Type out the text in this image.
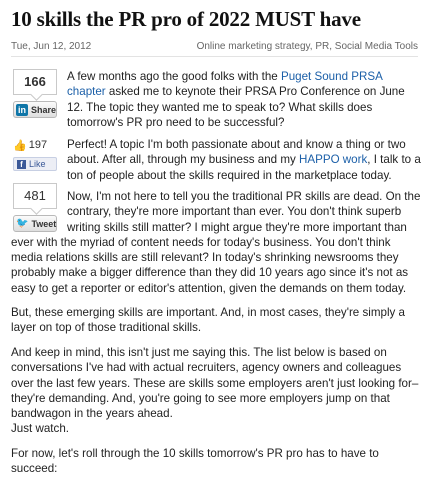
10 skills the PR pro of 2022 MUST have
Tue, Jun 12, 2012	Online marketing strategy, PR, Social Media Tools
166
in Share
👍 197
f Like
481
🐦 Tweet
A few months ago the good folks with the Puget Sound PRSA chapter asked me to keynote their PRSA Pro Conference on June 12. The topic they wanted me to speak to? What skills does tomorrow's PR pro need to be successful?
Perfect! A topic I'm both passionate about and know a thing or two about. After all, through my business and my HAPPO work, I talk to a ton of people about the skills required in the marketplace today.
Now, I'm not here to tell you the traditional PR skills are dead. On the contrary, they're more important than ever. You don't think superb writing skills still matter? I might argue they're more important than ever with the myriad of content needs for today's business. You don't think media relations skills are still relevant? In today's shrinking newsrooms they probably make a bigger difference than they did 10 years ago since it's not as easy to get a reporter or editor's attention, given the demands on them today.
But, these emerging skills are important. And, in most cases, they're simply a layer on top of those traditional skills.
And keep in mind, this isn't just me saying this. The list below is based on conversations I've had with actual recruiters, agency owners and colleagues over the last few years. These are skills some employers aren't just looking for–they're demanding. And, you're going to see more employers jump on that bandwagon in the years ahead.
Just watch.
For now, let's roll through the 10 skills tomorrow's PR pro has to have to succeed:
